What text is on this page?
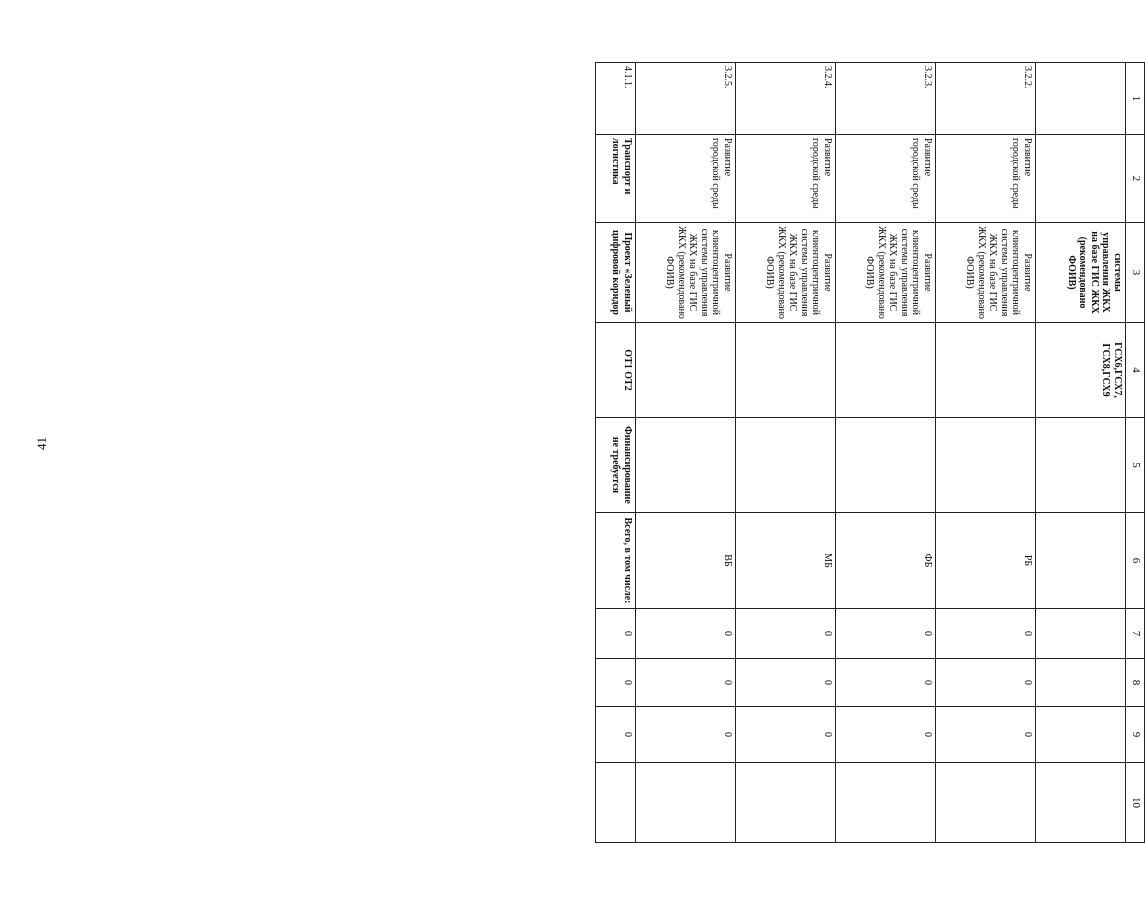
41
1	2	3	4	5	6	7	8	9	10
		системы управления ЖКХ на базе ГИС ЖКХ (рекомендовано ФОИВ)	ГСХ6,ГСХ7, ГСХ8,ГСХ9						
3.2.2.	Развитие городской среды	Развитие клиентоцентричной системы управления ЖКХ на базе ГИС ЖКХ (рекомендовано ФОИВ)			РБ	0	0	0	
3.2.3.	Развитие городской среды	Развитие клиентоцентричной системы управления ЖКХ на базе ГИС ЖКХ (рекомендовано ФОИВ)			ФБ	0	0	0	
3.2.4.	Развитие городской среды	Развитие клиентоцентричной системы управления ЖКХ на базе ГИС ЖКХ (рекомендовано ФОИВ)			МБ	0	0	0	
3.2.5.	Развитие городской среды	Развитие клиентоцентричной системы управления ЖКХ на базе ГИС ЖКХ (рекомендовано ФОИВ)			ВБ	0	0	0	
4.1.1.	Транспорт и логистика	Проект «Зеленый цифровой коридор	ОТ1 ОТ2	Финансирование не требуется	Всего, в том числе:	0	0	0	
